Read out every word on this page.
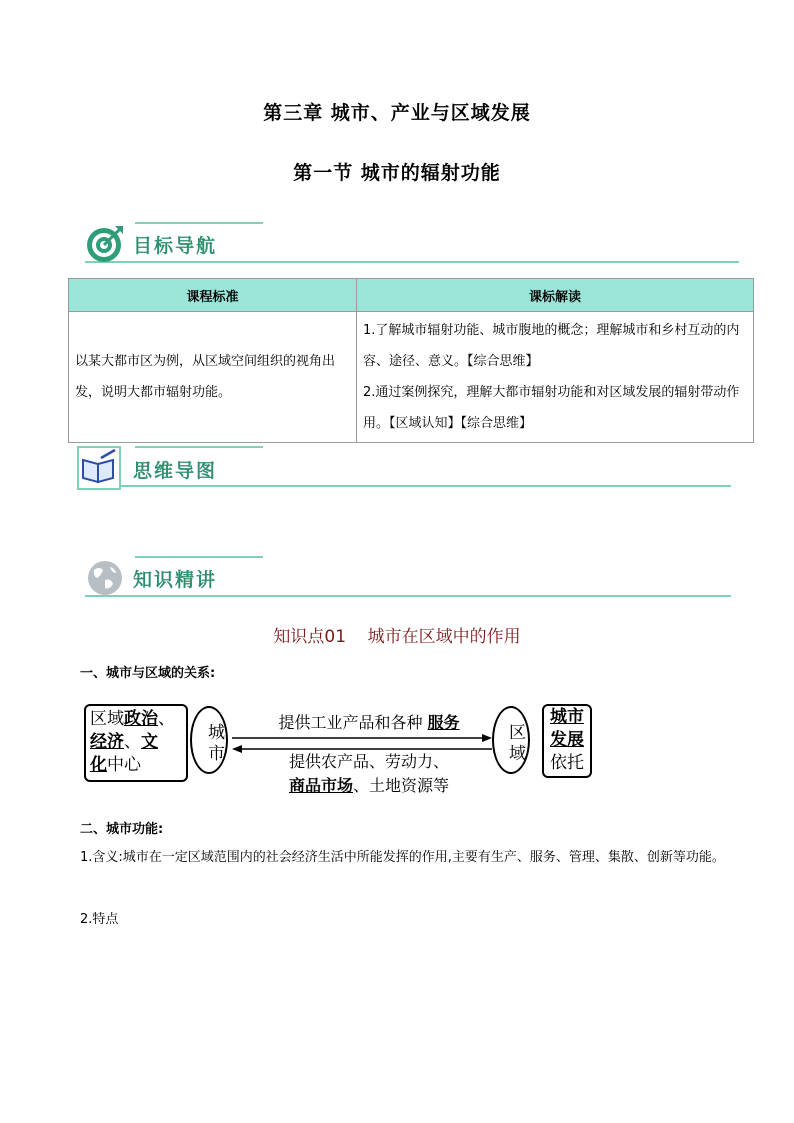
第三章 城市、产业与区域发展
第一节 城市的辐射功能
目标导航
课程标准	课标解读
以某大都市区为例，从区域空间组织的视角出发，说明大都市辐射功能。	1.了解城市辐射功能、城市腹地的概念；理解城市和乡村互动的内容、途径、意义。【综合思维】
2.通过案例探究，理解大都市辐射功能和对区域发展的辐射带动作用。【区域认知】【综合思维】
思维导图
知识精讲
知识点01    城市在区域中的作用
一、城市与区域的关系:
区域政治、
经济、文
化中心	城市
提供工业产品和各种 服务
提供农产品、劳动力、
商品市场、土地资源等
区域
城市
发展
依托
二、城市功能:
1.含义:城市在一定区域范围内的社会经济生活中所能发挥的作用,主要有生产、服务、管理、集散、创新等功能。
2.特点
